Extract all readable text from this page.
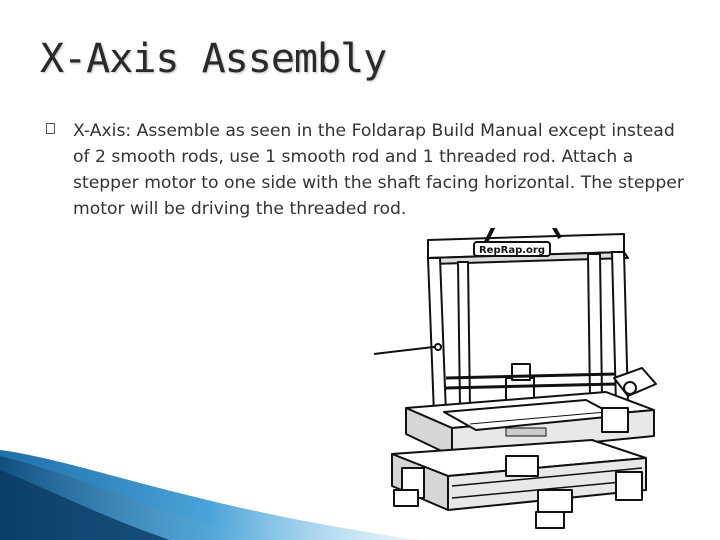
X-Axis Assembly

X-Axis: Assemble as seen in the Foldarap Build Manual except instead of 2 smooth rods, use 1 smooth rod and 1 threaded rod. Attach a stepper motor to one side with the shaft facing horizontal. The stepper motor will be driving the threaded rod.

RepRap.org
